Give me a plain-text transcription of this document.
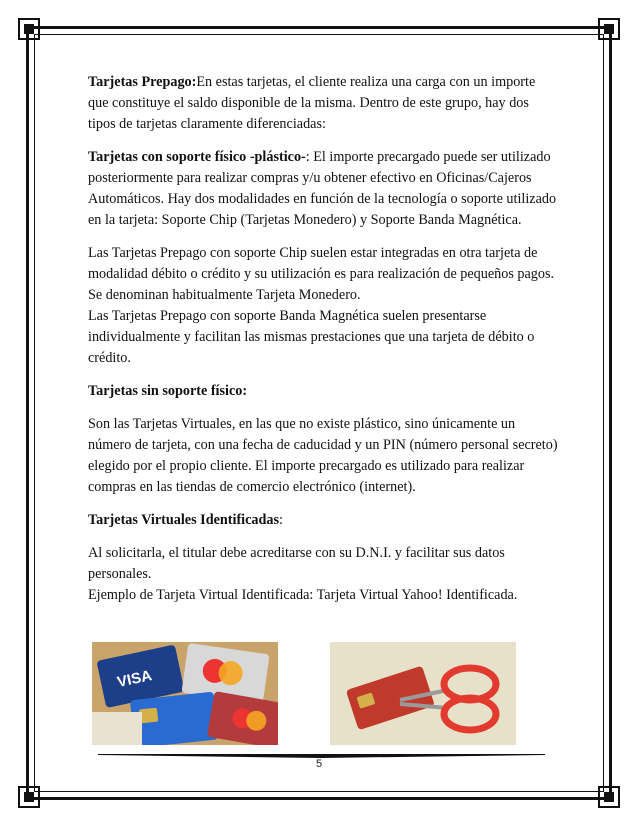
Tarjetas Prepago:En estas tarjetas, el cliente realiza una carga con un importe que constituye el saldo disponible de la misma. Dentro de este grupo, hay dos tipos de tarjetas claramente diferenciadas:

Tarjetas con soporte físico -plástico-: El importe precargado puede ser utilizado posteriormente para realizar compras y/u obtener efectivo en Oficinas/Cajeros Automáticos. Hay dos modalidades en función de la tecnología o soporte utilizado en la tarjeta: Soporte Chip (Tarjetas Monedero) y Soporte Banda Magnética.

Las Tarjetas Prepago con soporte Chip suelen estar integradas en otra tarjeta de modalidad débito o crédito y su utilización es para realización de pequeños pagos. Se denominan habitualmente Tarjeta Monedero.

Las Tarjetas Prepago con soporte Banda Magnética suelen presentarse individualmente y facilitan las mismas prestaciones que una tarjeta de débito o crédito.

Tarjetas sin soporte físico:

Son las Tarjetas Virtuales, en las que no existe plástico, sino únicamente un número de tarjeta, con una fecha de caducidad y un PIN (número personal secreto) elegido por el propio cliente. El importe precargado es utilizado para realizar compras en las tiendas de comercio electrónico (internet).

Tarjetas Virtuales Identificadas:

Al solicitarla, el titular debe acreditarse con su D.N.I. y facilitar sus datos personales.

Ejemplo de Tarjeta Virtual Identificada: Tarjeta Virtual Yahoo! Identificada.

VISA
5
